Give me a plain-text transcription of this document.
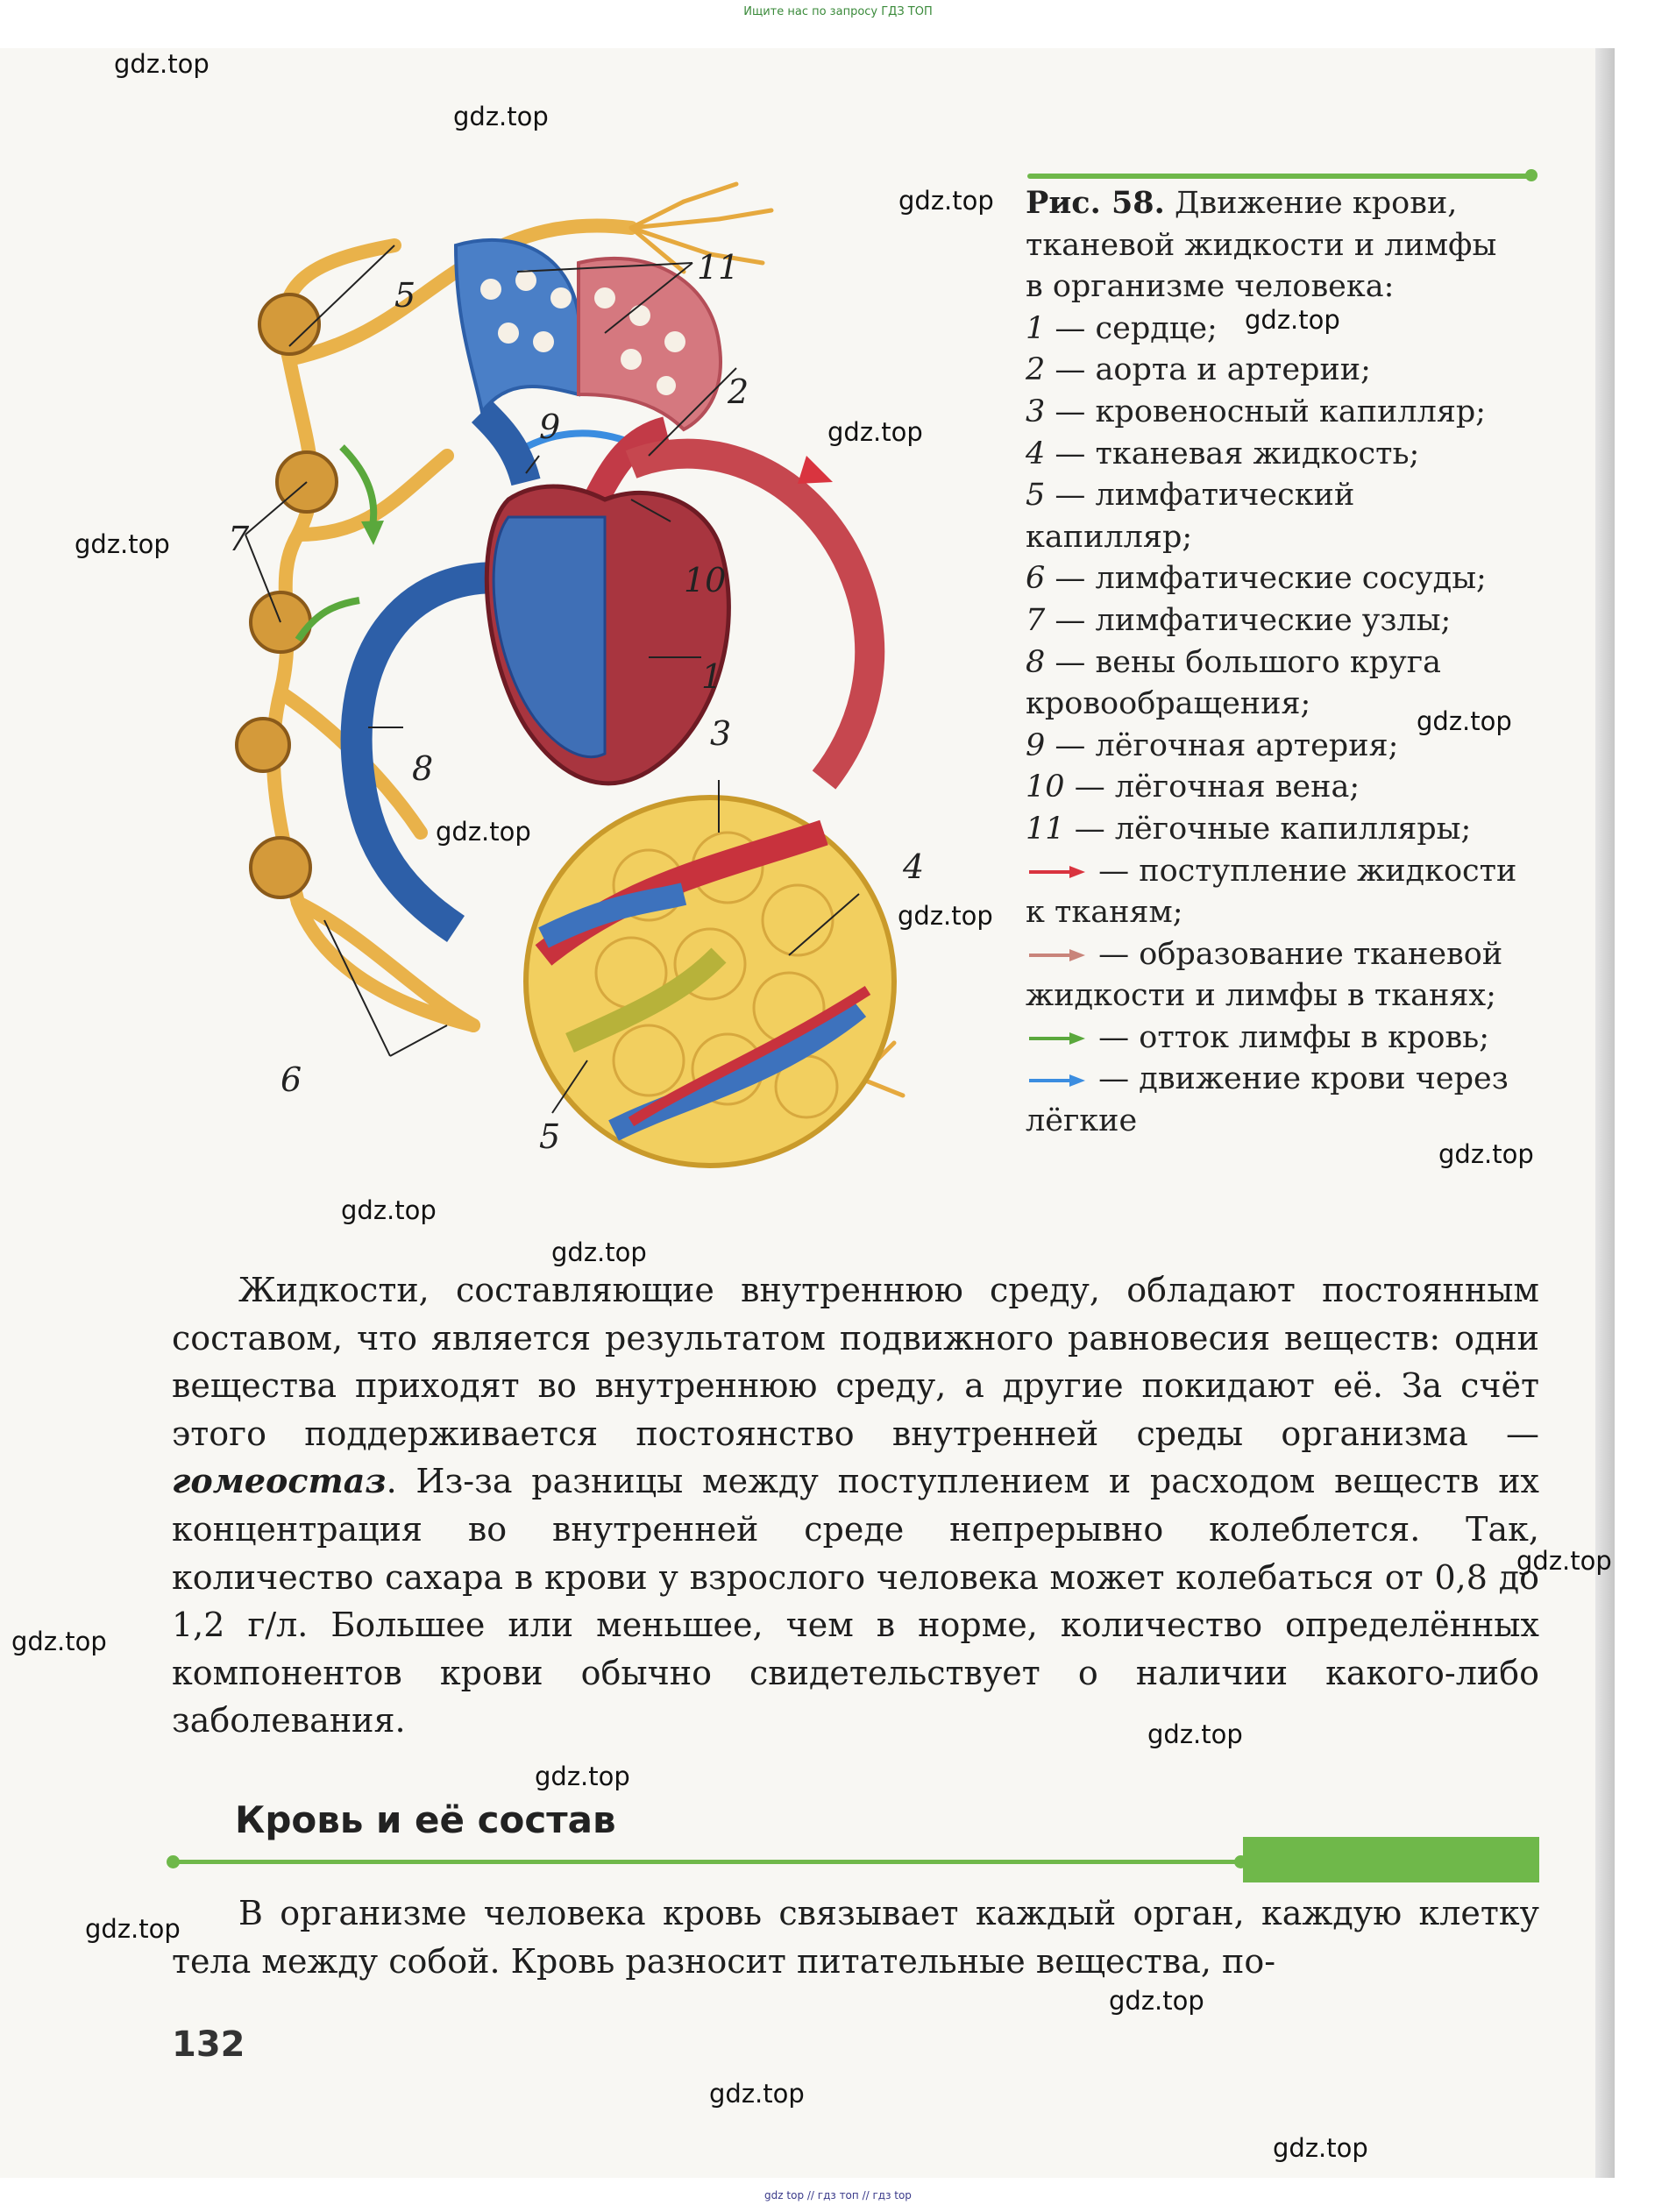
Ищите нас по запросу ГДЗ ТОП
5
11
2
9
7
10
1
3
8
4
6
5
Рис. 58. Движение крови,
тканевой жидкости и лимфы
в организме человека:
1 — сердце;
2 — аорта и артерии;
3 — кровеносный капилляр;
4 — тканевая жидкость;
5 — лимфатический
капилляр;
6 — лимфатические сосуды;
7 — лимфатические узлы;
8 — вены большого круга
кровообращения;
9 — лёгочная артерия;
10 — лёгочная вена;
11 — лёгочные капилляры;
— поступление жидкости
к тканям;
— образование тканевой
жидкости и лимфы в тканях;
— отток лимфы в кровь;
— движение крови через
лёгкие

Жидкости, составляющие внутреннюю среду, обладают постоянным составом, что является результатом подвижного равновесия веществ: одни вещества приходят во внутреннюю среду, а другие покидают её. За счёт этого поддерживается постоянство внутренней среды организма — гомеостаз. Из-за разницы между поступлением и расходом веществ их концентрация во внутренней среде непрерывно колеблется. Так, количество сахара в крови у взрослого человека может колебаться от 0,8 до 1,2 г/л. Большее или меньшее, чем в норме, количество определённых компонентов крови обычно свидетельствует о наличии какого-либо заболевания.

Кровь и её состав

В организме человека кровь связывает каждый орган, каждую клетку тела между собой. Кровь разносит питательные вещества, по-

132
gdz.top
gdz.top
gdz.top
gdz.top
gdz.top
gdz.top
gdz.top
gdz.top
gdz.top
gdz.top
gdz.top
gdz.top
gdz.top
gdz.top
gdz.top
gdz.top
gdz.top
gdz.top
gdz.top
gdz.top
gdz top // гдз топ // гдз top
